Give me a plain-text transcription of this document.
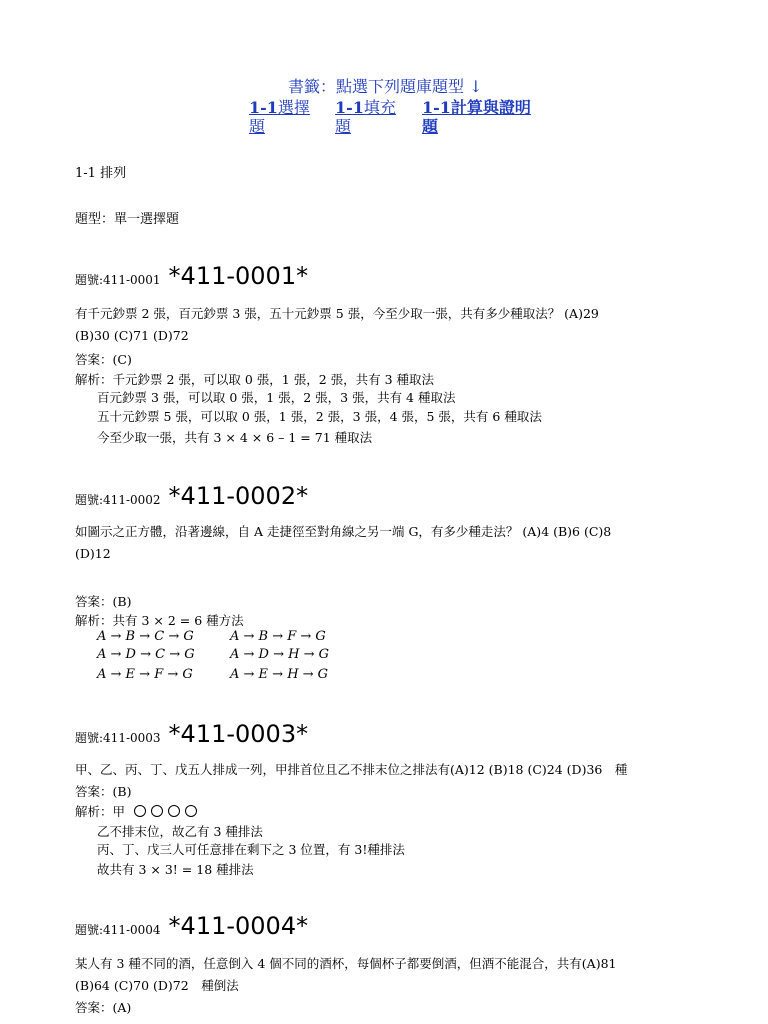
書籤：點選下列題庫題型 ↓
1-1選擇
題
1-1填充
題
1-1計算與證明
題
1-1 排列
題型：單一選擇題
題號:411-0001 *411-0001*
有千元鈔票 2 張，百元鈔票 3 張，五十元鈔票 5 張，今至少取一張，共有多少種取法？ (A)29
(B)30 (C)71 (D)72
答案：(C)
解析：千元鈔票 2 張，可以取 0 張，1 張，2 張，共有 3 種取法
百元鈔票 3 張，可以取 0 張，1 張，2 張，3 張，共有 4 種取法
五十元鈔票 5 張，可以取 0 張，1 張，2 張，3 張，4 張，5 張，共有 6 種取法
今至少取一張，共有 3 × 4 × 6 – 1 = 71 種取法
題號:411-0002 *411-0002*
如圖示之正方體，沿著邊線，自 A 走捷徑至對角線之另一端 G，有多少種走法？ (A)4 (B)6 (C)8
(D)12
答案：(B)
解析：共有 3 × 2 = 6 種方法
A → B → C → G	A → B → F → G
A → D → C → G	A → D → H → G
A → E → F → G	A → E → H → G
題號:411-0003 *411-0003*
甲、乙、丙、丁、戊五人排成一列，甲排首位且乙不排末位之排法有(A)12 (B)18 (C)24 (D)36　種
答案：(B)
解析：甲
乙不排末位，故乙有 3 種排法
丙、丁、戊三人可任意排在剩下之 3 位置，有 3!種排法
故共有 3 × 3! = 18 種排法
題號:411-0004 *411-0004*
某人有 3 種不同的酒，任意倒入 4 個不同的酒杯，每個杯子都要倒酒，但酒不能混合，共有(A)81
(B)64 (C)70 (D)72　種倒法
答案：(A)
